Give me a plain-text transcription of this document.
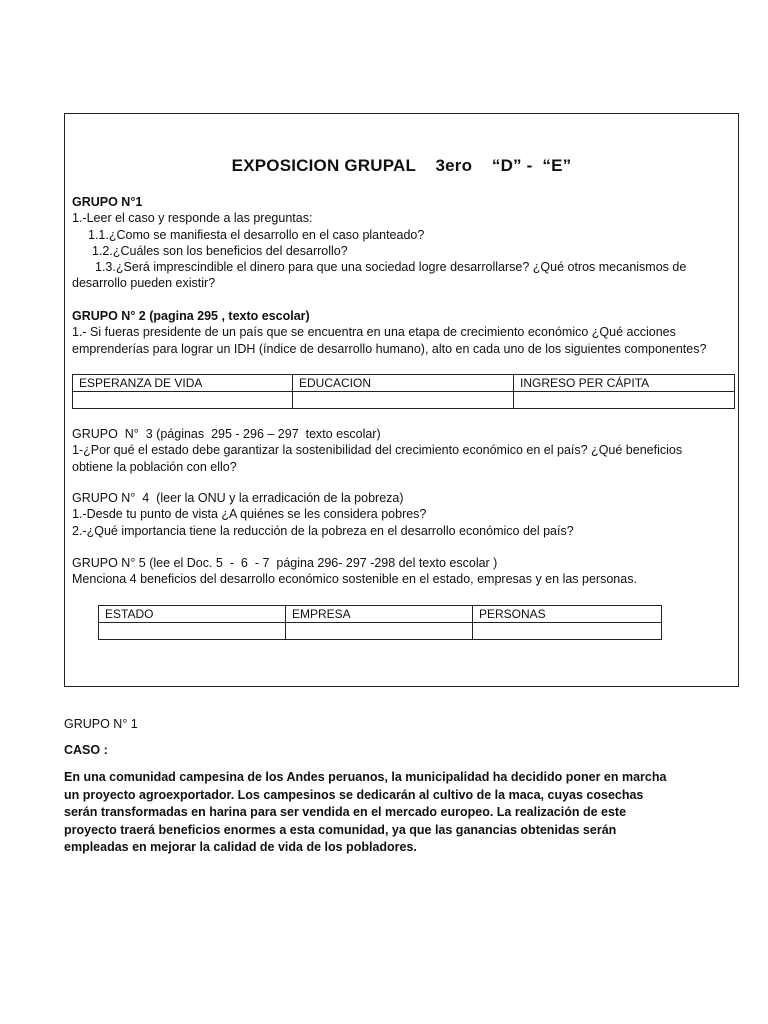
EXPOSICION GRUPAL    3ero    “D” -  “E”
GRUPO N°1
1.-Leer el caso y responde a las preguntas:
1.1.¿Como se manifiesta el desarrollo en el caso planteado?
1.2.¿Cuáles son los beneficios del desarrollo?
1.3.¿Será imprescindible el dinero para que una sociedad logre desarrollarse? ¿Qué otros mecanismos de
desarrollo pueden existir?
GRUPO N° 2 (pagina 295 , texto escolar)
1.- Si fueras presidente de un país que se encuentra en una etapa de crecimiento económico ¿Qué acciones
emprenderías para lograr un IDH (índice de desarrollo humano), alto en cada uno de los siguientes componentes?
ESPERANZA DE VIDA	EDUCACION	INGRESO PER CÁPITA

GRUPO  N°  3 (páginas  295 - 296 – 297  texto escolar)
1-¿Por qué el estado debe garantizar la sostenibilidad del crecimiento económico en el país? ¿Qué beneficios
obtiene la población con ello?
GRUPO N°  4  (leer la ONU y la erradicación de la pobreza)
1.-Desde tu punto de vista ¿A quiénes se les considera pobres?
2.-¿Qué importancia tiene la reducción de la pobreza en el desarrollo económico del país?
GRUPO N° 5 (lee el Doc. 5  -  6  - 7  página 296- 297 -298 del texto escolar )
Menciona 4 beneficios del desarrollo económico sostenible en el estado, empresas y en las personas.
ESTADO	EMPRESA	PERSONAS

GRUPO N° 1
CASO :
En una comunidad campesina de los Andes peruanos, la municipalidad ha decidido poner en marcha
un proyecto agroexportador. Los campesinos se dedicarán al cultivo de la maca, cuyas cosechas
serán transformadas en harina para ser vendida en el mercado europeo. La realización de este
proyecto traerá beneficios enormes a esta comunidad, ya que las ganancias obtenidas serán
empleadas en mejorar la calidad de vida de los pobladores.
